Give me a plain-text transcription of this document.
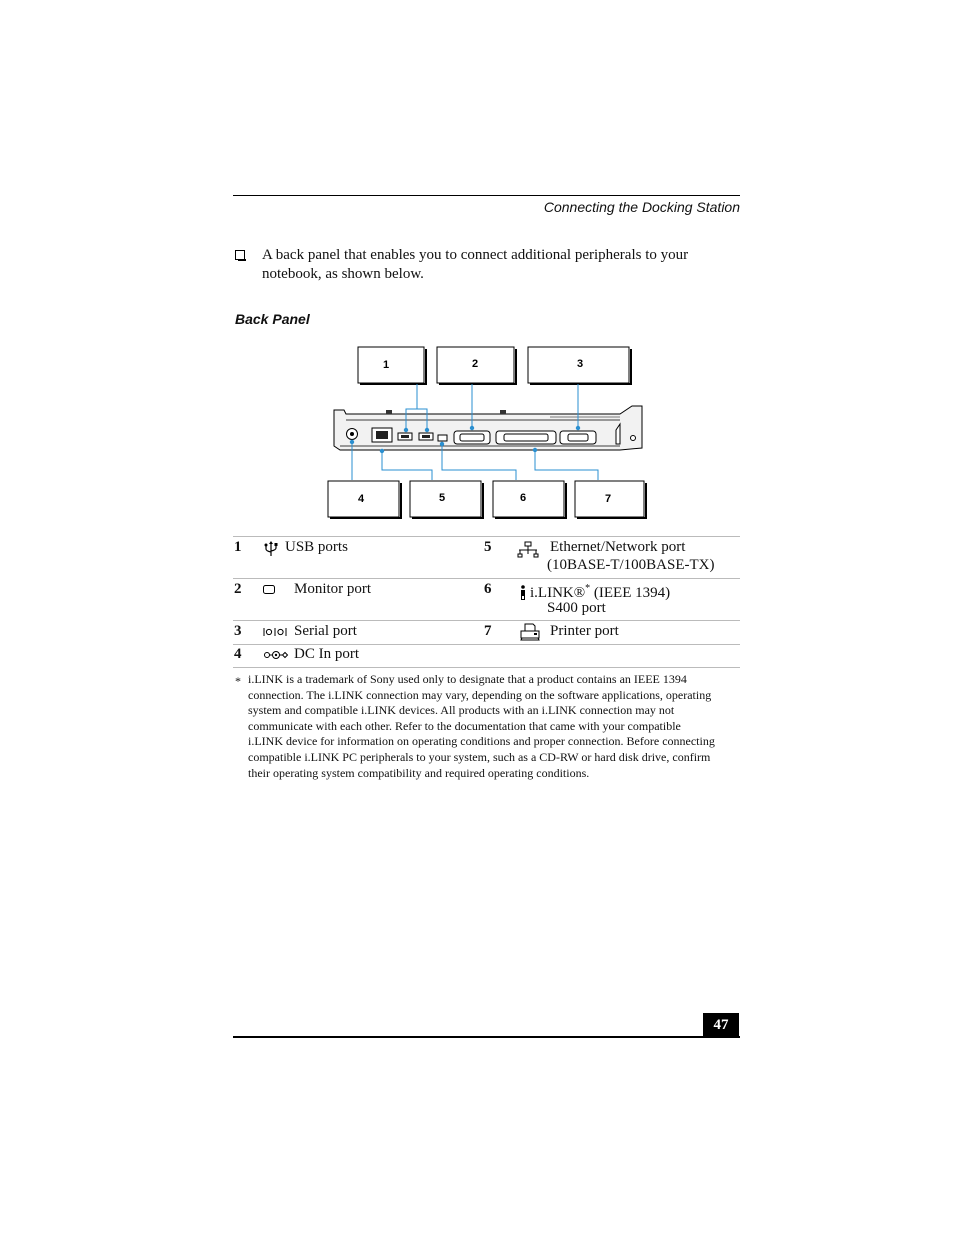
Connecting the Docking Station
A back panel that enables you to connect additional peripherals to your notebook, as shown below.
Back Panel
1	2	3
4	5	6	7
1	USB ports	5	Ethernet/Network port
(10BASE-T/100BASE-TX)
2	Monitor port	6	i.LINK®* (IEEE 1394)
S400 port
3	Serial port	7	Printer port
4	DC In port
* i.LINK is a trademark of Sony used only to designate that a product contains an IEEE 1394 connection. The i.LINK connection may vary, depending on the software applications, operating system and compatible i.LINK devices. All products with an i.LINK connection may not communicate with each other. Refer to the documentation that came with your compatible i.LINK device for information on operating conditions and proper connection. Before connecting compatible i.LINK PC peripherals to your system, such as a CD-RW or hard disk drive, confirm their operating system compatibility and required operating conditions.
47
